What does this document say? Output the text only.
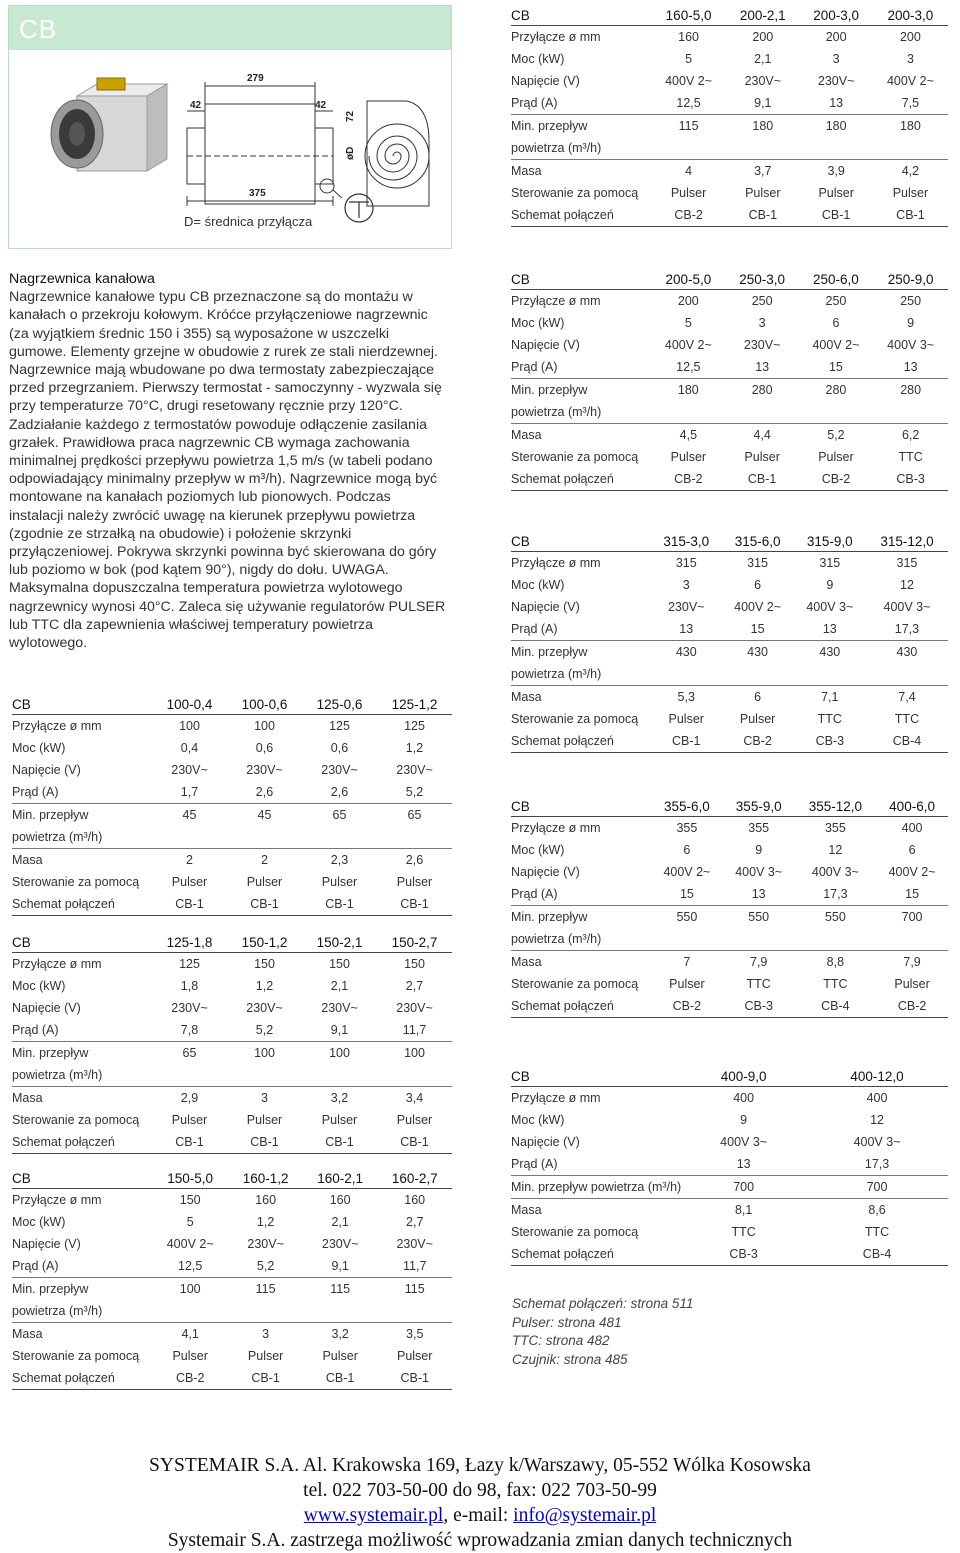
CB
279
42	42
375
72
øD
D= średnica przyłącza
Nagrzewnica kanałowa
Nagrzewnice kanałowe typu CB przeznaczone są do montażu w kanałach o przekroju kołowym. Króćce przyłączeniowe nagrzewnic (za wyjątkiem średnic 150 i 355) są wyposażone w uszczelki gumowe. Elementy grzejne w obudowie z rurek ze stali nierdzewnej. Nagrzewnice mają wbudowane po dwa termostaty zabezpieczające przed przegrzaniem. Pierwszy termostat - samoczynny - wyzwala się przy temperaturze 70°C, drugi resetowany ręcznie przy 120°C. Zadziałanie każdego z termostatów powoduje odłączenie zasilania grzałek. Prawidłowa praca nagrzewnic CB wymaga zachowania minimalnej prędkości przepływu powietrza 1,5 m/s (w tabeli podano odpowiadający minimalny przepływ w m³/h). Nagrzewnice mogą być montowane na kanałach poziomych lub pionowych. Podczas instalacji należy zwrócić uwagę na kierunek przepływu powietrza (zgodnie ze strzałką na obudowie) i położenie skrzynki przyłączeniowej. Pokrywa skrzynki powinna być skierowana do góry lub poziomo w bok (pod kątem 90°), nigdy do dołu. UWAGA. Maksymalna dopuszczalna temperatura powietrza wylotowego nagrzewnicy wynosi 40°C. Zaleca się używanie regulatorów PULSER lub TTC dla zapewnienia właściwej temperatury powietrza wylotowego.
CB	100-0,4	100-0,6	125-0,6	125-1,2
Przyłącze ø mm	100	100	125	125
Moc (kW)	0,4	0,6	0,6	1,2
Napięcie (V)	230V~	230V~	230V~	230V~
Prąd (A)	1,7	2,6	2,6	5,2
Min. przepływ	45	45	65	65
powietrza (m³/h)				
Masa	2	2	2,3	2,6
Sterowanie za pomocą	Pulser	Pulser	Pulser	Pulser
Schemat połączeń	CB-1	CB-1	CB-1	CB-1
CB	125-1,8	150-1,2	150-2,1	150-2,7
Przyłącze ø mm	125	150	150	150
Moc (kW)	1,8	1,2	2,1	2,7
Napięcie (V)	230V~	230V~	230V~	230V~
Prąd (A)	7,8	5,2	9,1	11,7
Min. przepływ	65	100	100	100
powietrza (m³/h)				
Masa	2,9	3	3,2	3,4
Sterowanie za pomocą	Pulser	Pulser	Pulser	Pulser
Schemat połączeń	CB-1	CB-1	CB-1	CB-1
CB	150-5,0	160-1,2	160-2,1	160-2,7
Przyłącze ø mm	150	160	160	160
Moc (kW)	5	1,2	2,1	2,7
Napięcie (V)	400V 2~	230V~	230V~	230V~
Prąd (A)	12,5	5,2	9,1	11,7
Min. przepływ	100	115	115	115
powietrza (m³/h)				
Masa	4,1	3	3,2	3,5
Sterowanie za pomocą	Pulser	Pulser	Pulser	Pulser
Schemat połączeń	CB-2	CB-1	CB-1	CB-1
CB	160-5,0	200-2,1	200-3,0	200-3,0
Przyłącze ø mm	160	200	200	200
Moc (kW)	5	2,1	3	3
Napięcie (V)	400V 2~	230V~	230V~	400V 2~
Prąd (A)	12,5	9,1	13	7,5
Min. przepływ	115	180	180	180
powietrza (m³/h)				
Masa	4	3,7	3,9	4,2
Sterowanie za pomocą	Pulser	Pulser	Pulser	Pulser
Schemat połączeń	CB-2	CB-1	CB-1	CB-1
CB	200-5,0	250-3,0	250-6,0	250-9,0
Przyłącze ø mm	200	250	250	250
Moc (kW)	5	3	6	9
Napięcie (V)	400V 2~	230V~	400V 2~	400V 3~
Prąd (A)	12,5	13	15	13
Min. przepływ	180	280	280	280
powietrza (m³/h)				
Masa	4,5	4,4	5,2	6,2
Sterowanie za pomocą	Pulser	Pulser	Pulser	TTC
Schemat połączeń	CB-2	CB-1	CB-2	CB-3
CB	315-3,0	315-6,0	315-9,0	315-12,0
Przyłącze ø mm	315	315	315	315
Moc (kW)	3	6	9	12
Napięcie (V)	230V~	400V 2~	400V 3~	400V 3~
Prąd (A)	13	15	13	17,3
Min. przepływ	430	430	430	430
powietrza (m³/h)				
Masa	5,3	6	7,1	7,4
Sterowanie za pomocą	Pulser	Pulser	TTC	TTC
Schemat połączeń	CB-1	CB-2	CB-3	CB-4
CB	355-6,0	355-9,0	355-12,0	400-6,0
Przyłącze ø mm	355	355	355	400
Moc (kW)	6	9	12	6
Napięcie (V)	400V 2~	400V 3~	400V 3~	400V 2~
Prąd (A)	15	13	17,3	15
Min. przepływ	550	550	550	700
powietrza (m³/h)				
Masa	7	7,9	8,8	7,9
Sterowanie za pomocą	Pulser	TTC	TTC	Pulser
Schemat połączeń	CB-2	CB-3	CB-4	CB-2
CB	400-9,0	400-12,0
Przyłącze ø mm	400	400
Moc (kW)	9	12
Napięcie (V)	400V 3~	400V 3~
Prąd (A)	13	17,3
Min. przepływ powietrza (m³/h)	700	700
Masa	8,1	8,6
Sterowanie za pomocą	TTC	TTC
Schemat połączeń	CB-3	CB-4
Schemat połączeń: strona 511
Pulser: strona 481
TTC: strona 482
Czujnik: strona 485
SYSTEMAIR S.A. Al. Krakowska 169, Łazy k/Warszawy, 05-552 Wólka Kosowska
tel. 022 703-50-00 do 98, fax: 022 703-50-99
www.systemair.pl, e-mail: info@systemair.pl
Systemair S.A. zastrzega możliwość wprowadzania zmian danych technicznych
